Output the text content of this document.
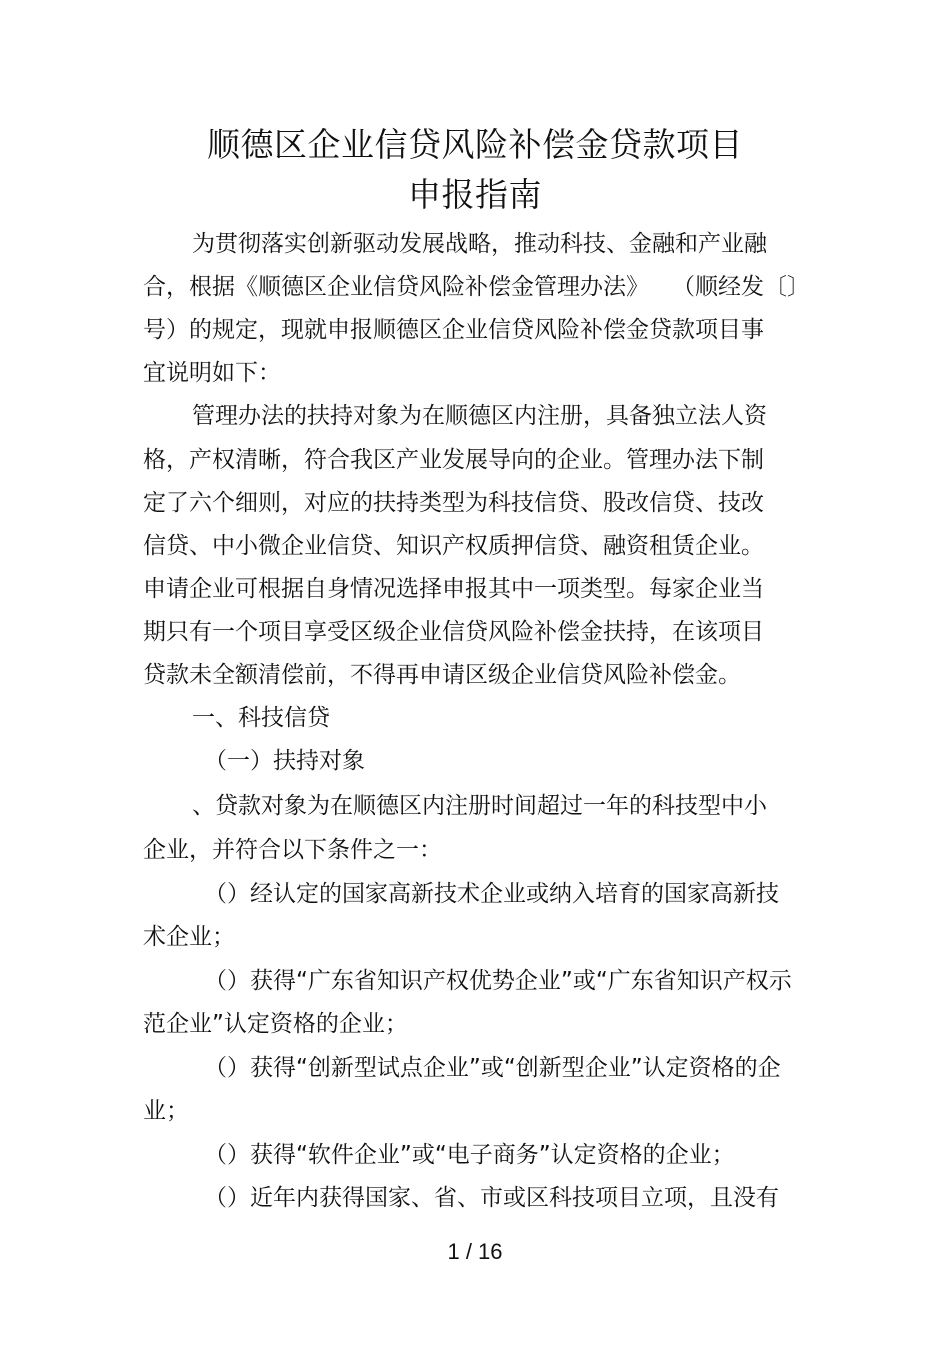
顺德区企业信贷风险补偿金贷款项目
申报指南

为贯彻落实创新驱动发展战略，推动科技、金融和产业融

合，根据《顺德区企业信贷风险补偿金管理办法》　　（顺经发〔〕

号）的规定，现就申报顺德区企业信贷风险补偿金贷款项目事

宜说明如下：

管理办法的扶持对象为在顺德区内注册，具备独立法人资

格，产权清晰，符合我区产业发展导向的企业。管理办法下制

定了六个细则，对应的扶持类型为科技信贷、股改信贷、技改

信贷、中小微企业信贷、知识产权质押信贷、融资租赁企业。

申请企业可根据自身情况选择申报其中一项类型。每家企业当

期只有一个项目享受区级企业信贷风险补偿金扶持，在该项目

贷款未全额清偿前，不得再申请区级企业信贷风险补偿金。

一、科技信贷

（一）扶持对象

、贷款对象为在顺德区内注册时间超过一年的科技型中小

企业，并符合以下条件之一：

（）经认定的国家高新技术企业或纳入培育的国家高新技

术企业；

（）获得“广东省知识产权优势企业”或“广东省知识产权示

范企业”认定资格的企业；

（）获得“创新型试点企业”或“创新型企业”认定资格的企

业；

（）获得“软件企业”或“电子商务”认定资格的企业；

（）近年内获得国家、省、市或区科技项目立项，且没有

1 / 16
